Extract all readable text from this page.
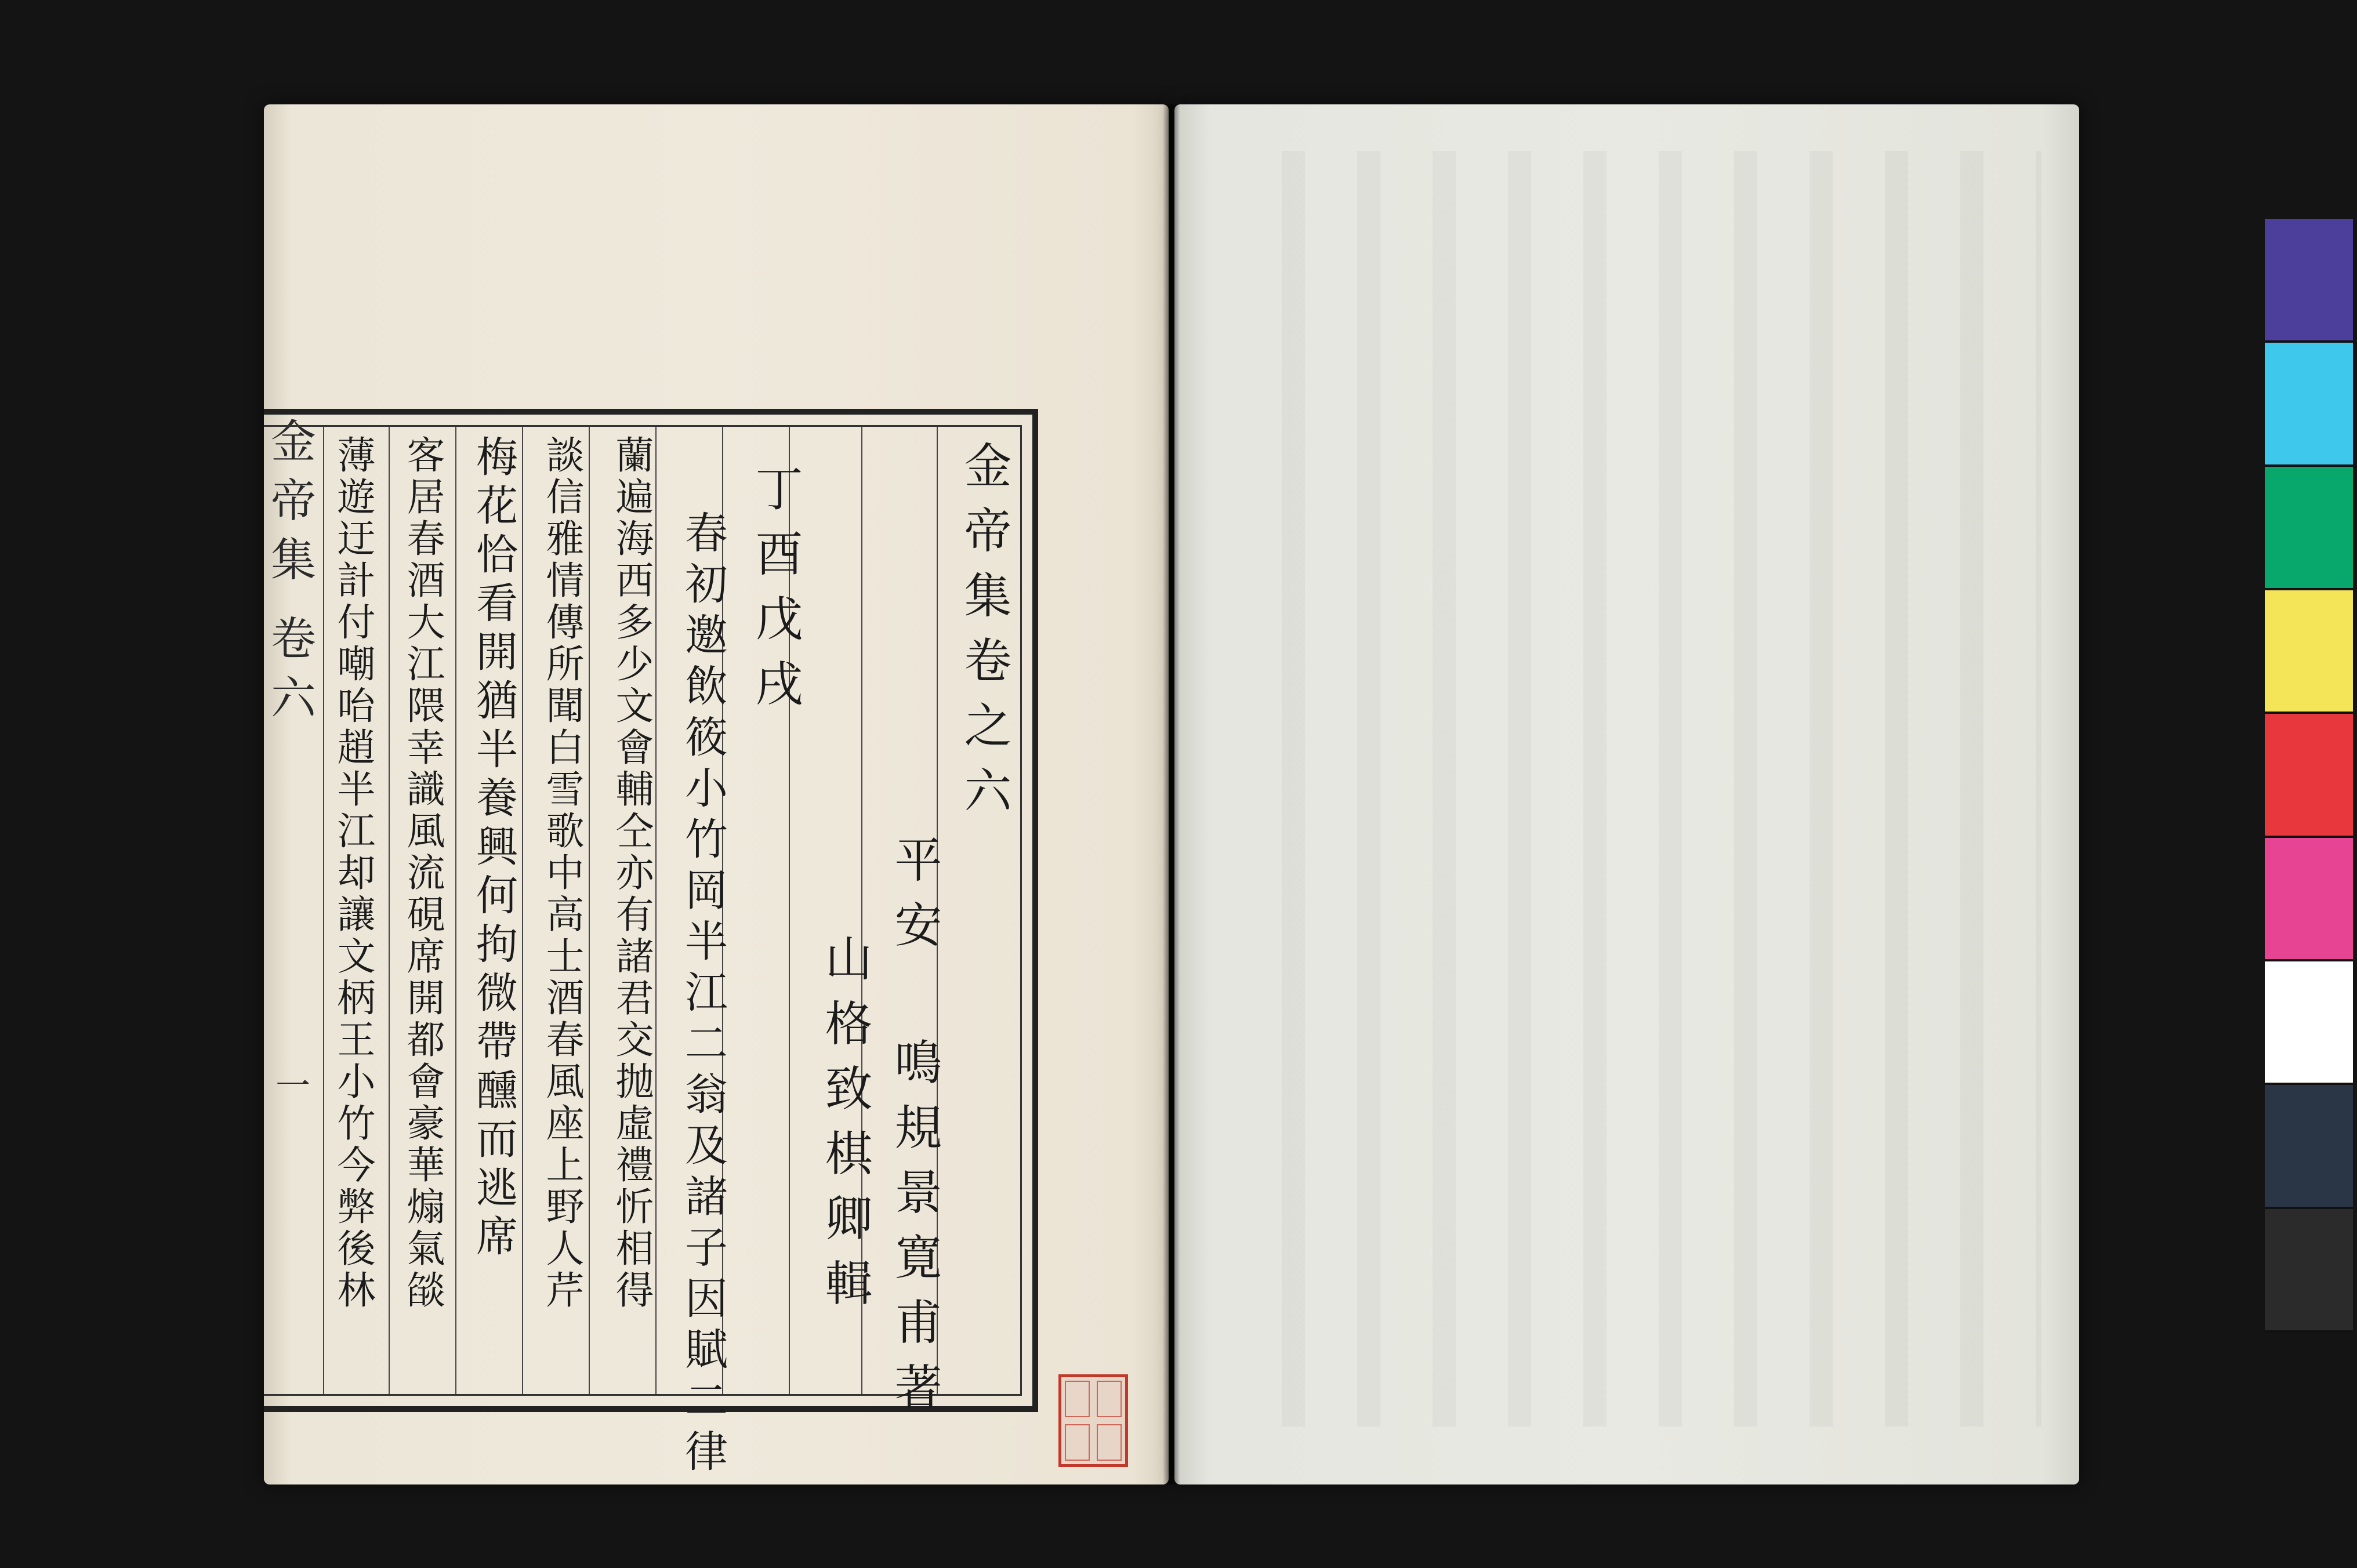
金帝集
卷六
一
金帝集卷之六
平安 鳴規景寛甫著
山格致棋卿輯
丁酉戊戌
春初邀飲筱小竹岡半江二翁及諸子因賦二律
蘭遍海西多少文會輔仝亦有諸君交抛虛禮忻相得
談信雅情傳所聞白雪歌中高士酒春風座上野人芹
梅花恰看開猶半養興何拘微帶醺而逃席
客居春酒大江隈幸識風流硯席開都會豪華煽氣燄
薄遊迂計付嘲咍趙半江却讓文柄王小竹今弊後林
